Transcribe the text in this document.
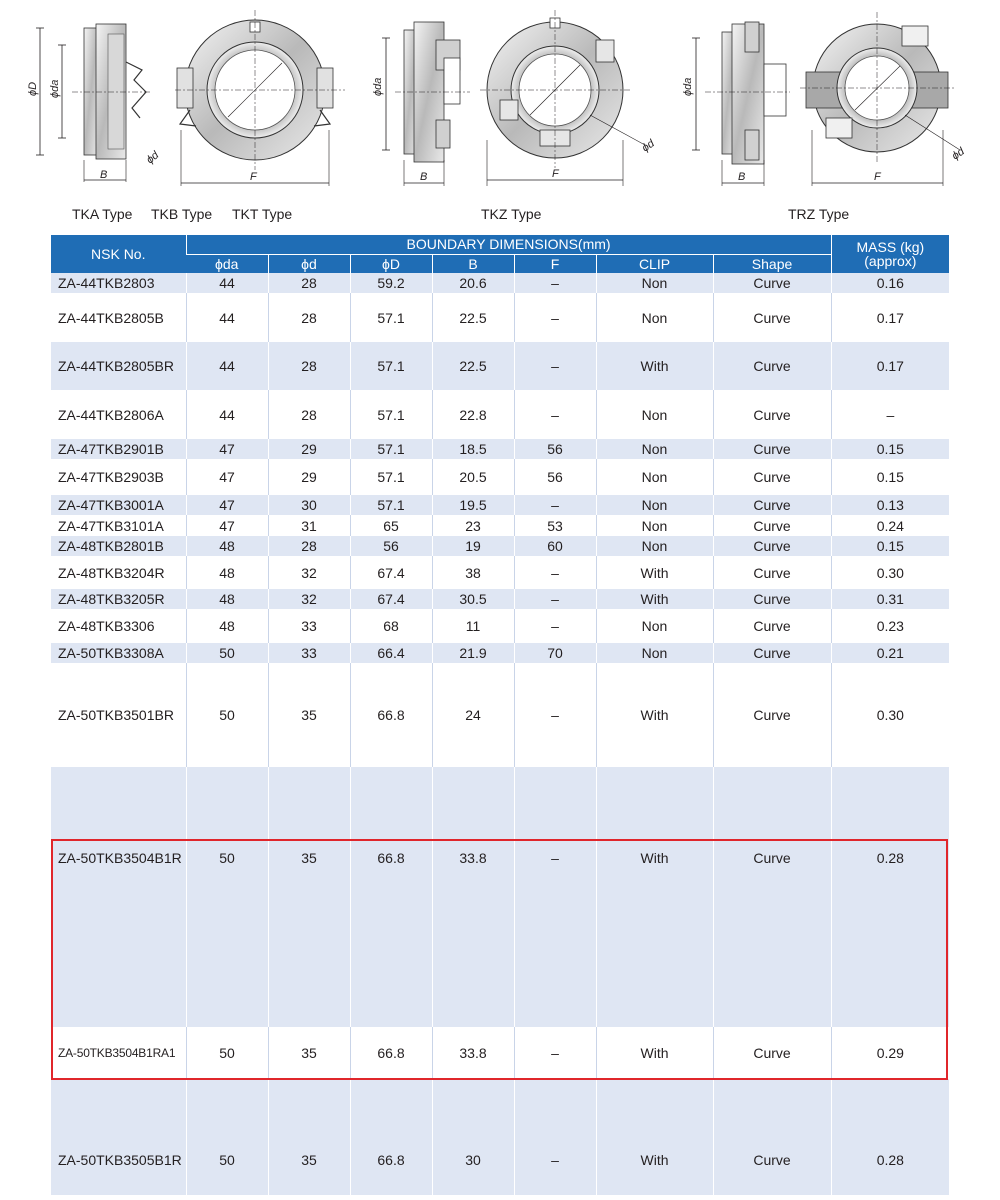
ϕD ϕda
B
ϕd
F
ϕda
B
ϕd
F
ϕda
B
ϕd
F
TKA Type TKB Type TKT Type	TKZ Type	TRZ Type
NSK No.	BOUNDARY DIMENSIONS(mm)							MASS (kg)
(approx)

	ϕda	ϕd	ϕD	B	F	CLIP	Shape	
ZA-44TKB2803	44	28	59.2	20.6	–	Non	Curve	0.16
ZA-44TKB2805B	44	28	57.1	22.5	–	Non	Curve	0.17
ZA-44TKB2805BR	44	28	57.1	22.5	–	With	Curve	0.17
ZA-44TKB2806A	44	28	57.1	22.8	–	Non	Curve	–
ZA-47TKB2901B	47	29	57.1	18.5	56	Non	Curve	0.15
ZA-47TKB2903B	47	29	57.1	20.5	56	Non	Curve	0.15
ZA-47TKB3001A	47	30	57.1	19.5	–	Non	Curve	0.13
ZA-47TKB3101A	47	31	65	23	53	Non	Curve	0.24
ZA-48TKB2801B	48	28	56	19	60	Non	Curve	0.15
ZA-48TKB3204R	48	32	67.4	38	–	With	Curve	0.30
ZA-48TKB3205R	48	32	67.4	30.5	–	With	Curve	0.31
ZA-48TKB3306	48	33	68	11	–	Non	Curve	0.23
ZA-50TKB3308A	50	33	66.4	21.9	70	Non	Curve	0.21
ZA-50TKB3501BR	50	35	66.8	24	–	With	Curve	0.30

ZA-50TKB3504B1R	50	35	66.8	33.8	–	With	Curve	0.28
ZA-50TKB3504B1RA1	50	35	66.8	33.8	–	With	Curve	0.29
ZA-50TKB3505B1R	50	35	66.8	30	–	With	Curve	0.28
